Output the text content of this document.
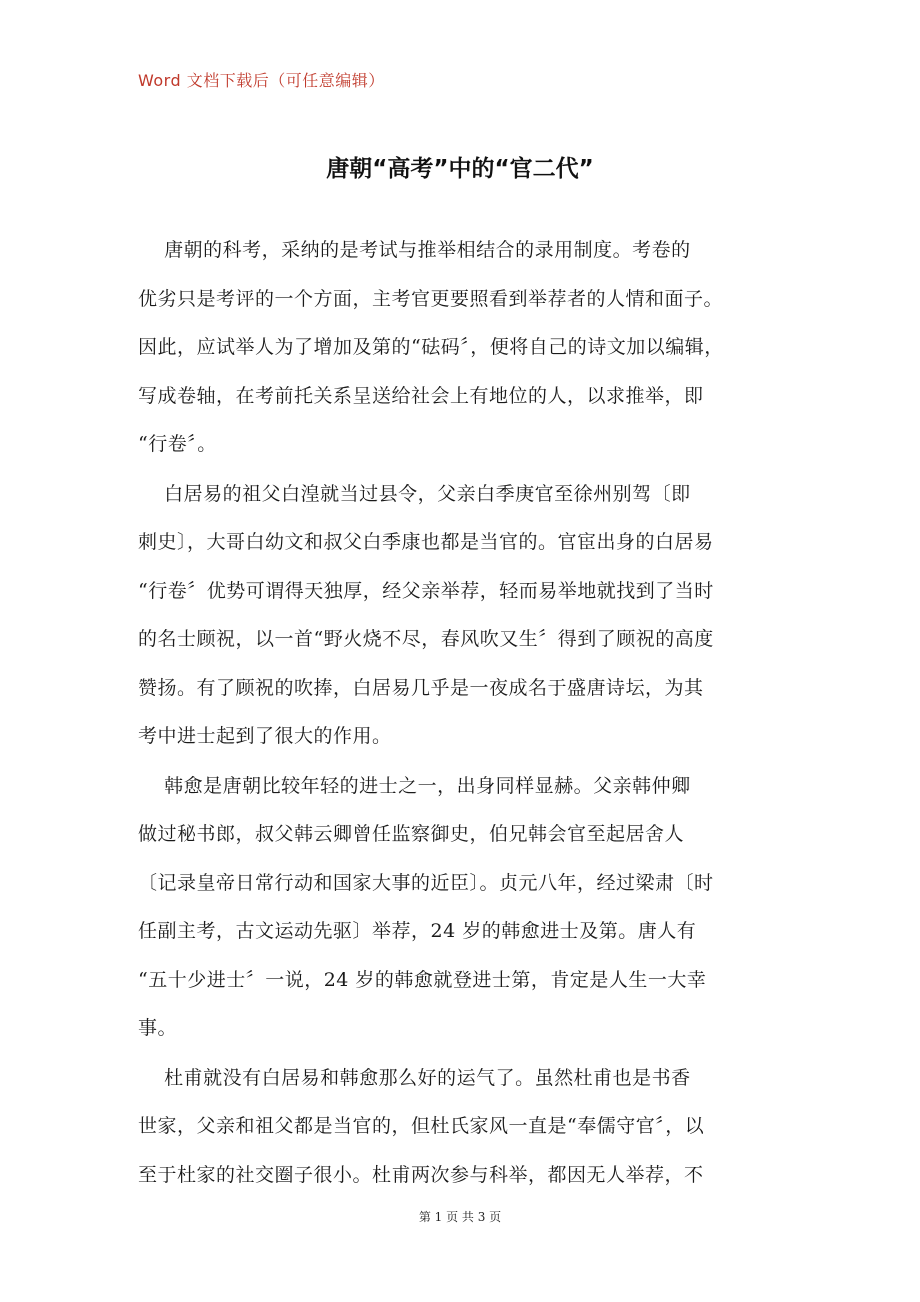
Word 文档下载后（可任意编辑）
唐朝“高考”中的“官二代”

唐朝的科考，采纳的是考试与推举相结合的录用制度。考卷的
优劣只是考评的一个方面，主考官更要照看到举荐者的人情和面子。
因此，应试举人为了增加及第的“砝码〞，便将自己的诗文加以编辑，
写成卷轴，在考前托关系呈送给社会上有地位的人，以求推举，即
“行卷〞。

白居易的祖父白湟就当过县令，父亲白季庚官至徐州别驾〔即
刺史〕，大哥白幼文和叔父白季康也都是当官的。官宦出身的白居易
“行卷〞优势可谓得天独厚，经父亲举荐，轻而易举地就找到了当时
的名士顾祝，以一首“野火烧不尽，春风吹又生〞得到了顾祝的高度
赞扬。有了顾祝的吹捧，白居易几乎是一夜成名于盛唐诗坛，为其
考中进士起到了很大的作用。

韩愈是唐朝比较年轻的进士之一，出身同样显赫。父亲韩仲卿
做过秘书郎，叔父韩云卿曾任监察御史，伯兄韩会官至起居舍人
〔记录皇帝日常行动和国家大事的近臣〕。贞元八年，经过梁肃〔时
任副主考，古文运动先驱〕举荐，24 岁的韩愈进士及第。唐人有
“五十少进士〞一说，24 岁的韩愈就登进士第，肯定是人生一大幸
事。

杜甫就没有白居易和韩愈那么好的运气了。虽然杜甫也是书香
世家，父亲和祖父都是当官的，但杜氏家风一直是“奉儒守官〞，以
至于杜家的社交圈子很小。杜甫两次参与科举，都因无人举荐，不

第 1 页 共 3 页
